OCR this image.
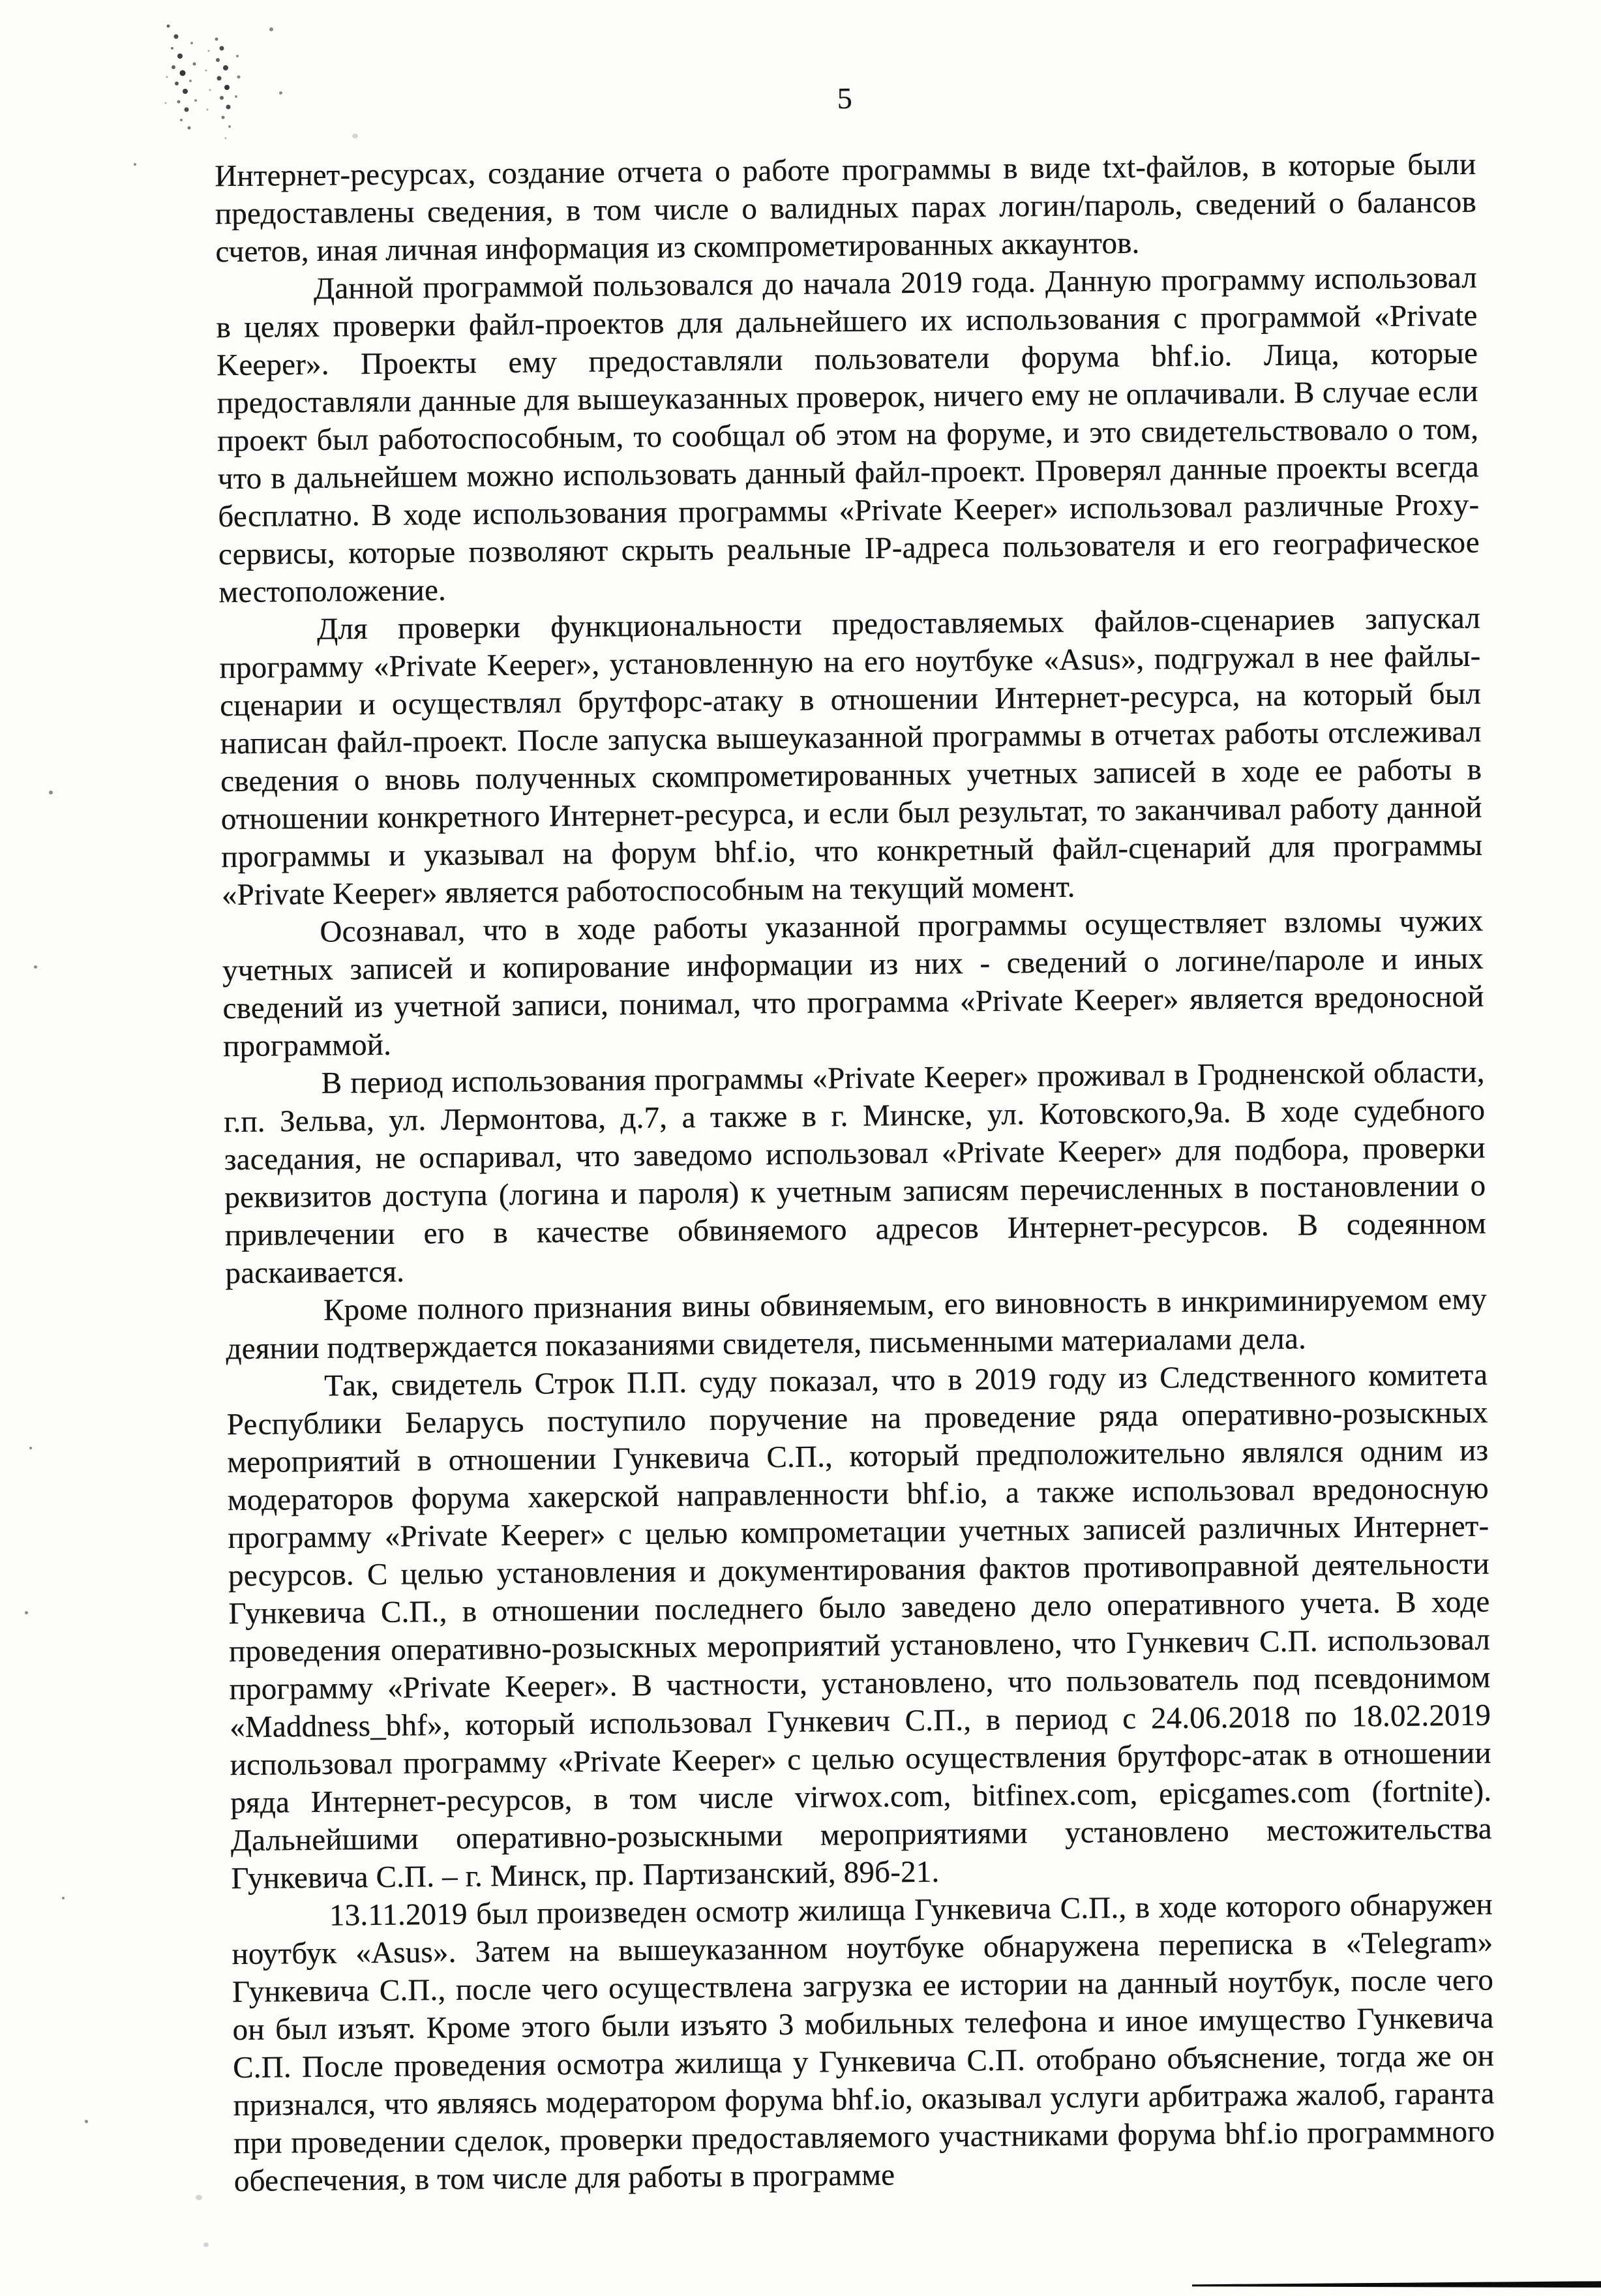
5

Интернет-ресурсах, создание отчета о работе программы в виде txt-файлов, в которые были предоставлены сведения, в том числе о валидных парах логин/пароль, сведений о балансов счетов, иная личная информация из скомпрометированных аккаунтов.

Данной программой пользовался до начала 2019 года. Данную программу использовал в целях проверки файл-проектов для дальнейшего их использования с программой «Private Keeper». Проекты ему предоставляли пользователи форума bhf.io. Лица, которые предоставляли данные для вышеуказанных проверок, ничего ему не оплачивали. В случае если проект был работоспособным, то сообщал об этом на форуме, и это свидетельствовало о том, что в дальнейшем можно использовать данный файл-проект. Проверял данные проекты всегда бесплатно. В ходе использования программы «Private Keeper» использовал различные Proxy-сервисы, которые позволяют скрыть реальные IP-адреса пользователя и его географическое местоположение.

Для проверки функциональности предоставляемых файлов-сценариев запускал программу «Private Keeper», установленную на его ноутбуке «Asus», подгружал в нее файлы-сценарии и осуществлял брутфорс-атаку в отношении Интернет-ресурса, на который был написан файл-проект. После запуска вышеуказанной программы в отчетах работы отслеживал сведения о вновь полученных скомпрометированных учетных записей в ходе ее работы в отношении конкретного Интернет-ресурса, и если был результат, то заканчивал работу данной программы и указывал на форум bhf.io, что конкретный файл-сценарий для программы «Private Keeper» является работоспособным на текущий момент.

Осознавал, что в ходе работы указанной программы осуществляет взломы чужих учетных записей и копирование информации из них - сведений о логине/пароле и иных сведений из учетной записи, понимал, что программа «Private Keeper» является вредоносной программой.

В период использования программы «Private Keeper» проживал в Гродненской области, г.п. Зельва, ул. Лермонтова, д.7, а также в г. Минске, ул. Котовского,9а. В ходе судебного заседания, не оспаривал, что заведомо использовал «Private Keeper» для подбора, проверки реквизитов доступа (логина и пароля) к учетным записям перечисленных в постановлении о привлечении его в качестве обвиняемого адресов Интернет-ресурсов. В содеянном раскаивается.

Кроме полного признания вины обвиняемым, его виновность в инкриминируемом ему деянии подтверждается показаниями свидетеля, письменными материалами дела.

Так, свидетель Строк П.П. суду показал, что в 2019 году из Следственного комитета Республики Беларусь поступило поручение на проведение ряда оперативно-розыскных мероприятий в отношении Гункевича С.П., который предположительно являлся одним из модераторов форума хакерской направленности bhf.io, а также использовал вредоносную программу «Private Keeper» с целью компрометации учетных записей различных Интернет-ресурсов. С целью установления и документирования фактов противоправной деятельности Гункевича С.П., в отношении последнего было заведено дело оперативного учета. В ходе проведения оперативно-розыскных мероприятий установлено, что Гункевич С.П. использовал программу «Private Keeper». В частности, установлено, что пользователь под псевдонимом «Maddness_bhf», который использовал Гункевич С.П., в период с 24.06.2018 по 18.02.2019 использовал программу «Private Keeper» с целью осуществления брутфорс-атак в отношении ряда Интернет-ресурсов, в том числе virwox.com, bitfinex.com, epicgames.com (fortnite). Дальнейшими оперативно-розыскными мероприятиями установлено местожительства Гункевича С.П. – г. Минск, пр. Партизанский, 89б-21.

13.11.2019 был произведен осмотр жилища Гункевича С.П., в ходе которого обнаружен ноутбук «Asus». Затем на вышеуказанном ноутбуке обнаружена переписка в «Telegram» Гункевича С.П., после чего осуществлена загрузка ее истории на данный ноутбук, после чего он был изъят. Кроме этого были изъято 3 мобильных телефона и иное имущество Гункевича С.П. После проведения осмотра жилища у Гункевича С.П. отобрано объяснение, тогда же он признался, что являясь модератором форума bhf.io, оказывал услуги арбитража жалоб, гаранта при проведении сделок, проверки предоставляемого участниками форума bhf.io программного обеспечения, в том числе для работы в программе
